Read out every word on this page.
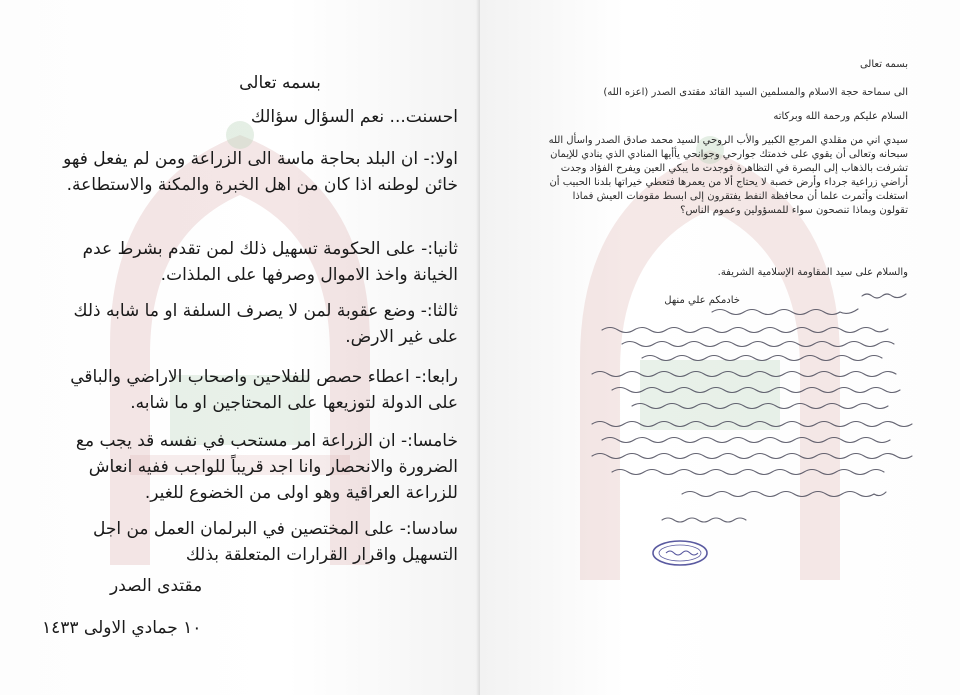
بسمه تعالى

احسنت... نعم السؤال سؤالك

اولا:- ان البلد بحاجة ماسة الى الزراعة ومن لم يفعل فهو خائن لوطنه اذا كان من اهل الخبرة والمكنة والاستطاعة.

ثانيا:- على الحكومة تسهيل ذلك لمن تقدم بشرط عدم الخيانة واخذ الاموال وصرفها على الملذات.

ثالثا:- وضع عقوبة لمن لا يصرف السلفة او ما شابه ذلك على غير الارض.

رابعا:- اعطاء حصص للفلاحين واصحاب الاراضي والباقي على الدولة لتوزيعها على المحتاجين او ما شابه.

خامسا:- ان الزراعة امر مستحب في نفسه قد يجب مع الضرورة والانحصار وانا اجد قريباً للواجب ففيه انعاش للزراعة العراقية وهو اولى من الخضوع للغير.

سادسا:- على المختصين في البرلمان العمل من اجل التسهيل واقرار القرارات المتعلقة بذلك

مقتدى الصدر
١٠ جمادي الاولى ١٤٣٣
بسمه تعالى
الى سماحة حجة الاسلام والمسلمين السيد القائد مقتدى الصدر (اعزه الله)
السلام عليكم ورحمة الله وبركاته
سيدي اني من مقلدي المرجع الكبير والأب الروحي السيد محمد صادق الصدر واسأل الله سبحانه وتعالى أن يقوي على خدمتك جوارحي وجوانحي يأأيها المنادي الذي ينادي للإيمان تشرفت بالذهاب إلى البصرة في التظاهرة فوجدت ما يبكي العين ويفرح الفؤاد وجدت أراضي زراعية جرداء وأرض خصبة لا يحتاج ألا من يعمرها فتعطي خيراتها بلدنا الحبيب أن استغلت وأثمرت علما أن محافظة النفط يفتقرون إلى ابسط مقومات العيش فماذا تقولون وبماذا تنصحون سواء للمسؤولين وعموم الناس؟
والسلام على سيد المقاومة الإسلامية الشريفة.
خادمكم علي منهل
